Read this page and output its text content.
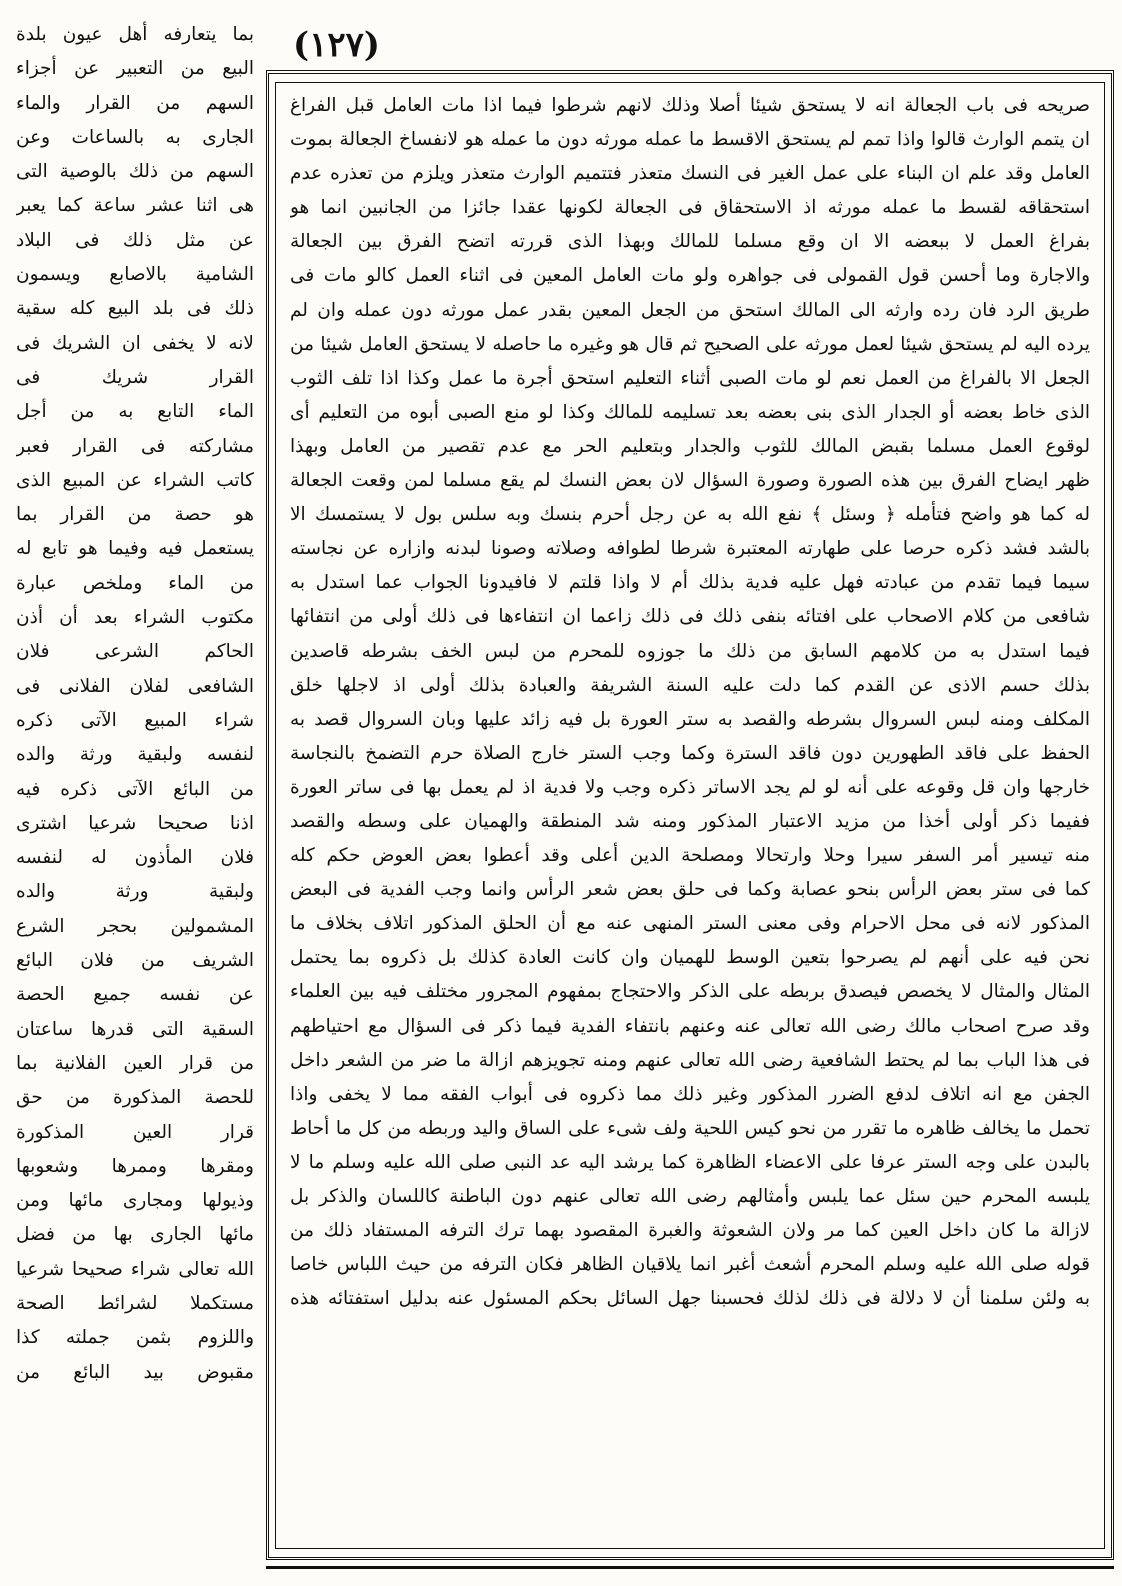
(١٢٧)
بما يتعارفه أهل عيون بلدة
البيع من التعبير عن أجزاء
السهم من القرار والماء
الجارى به بالساعات وعن
السهم من ذلك بالوصية التى
هى اثنا عشر ساعة كما يعبر
عن مثل ذلك فى البلاد
الشامية بالاصابع ويسمون
ذلك فى بلد البيع كله سقية
لانه لا يخفى ان الشريك فى
القرار شريك فى
الماء التابع به من أجل
مشاركته فى القرار فعبر
كاتب الشراء عن المبيع الذى
هو حصة من القرار بما
يستعمل فيه وفيما هو تابع له
من الماء وملخص عبارة
مكتوب الشراء بعد أن أذن
الحاكم الشرعى فلان
الشافعى لفلان الفلانى فى
شراء المبيع الآتى ذكره
لنفسه ولبقية ورثة والده
من البائع الآتى ذكره فيه
اذنا صحيحا شرعيا اشترى
فلان المأذون له لنفسه
ولبقية ورثة والده
المشمولين بحجر الشرع
الشريف من فلان البائع
عن نفسه جميع الحصة
السقية التى قدرها ساعتان
من قرار العين الفلانية بما
للحصة المذكورة من حق
قرار العين المذكورة
ومقرها وممرها وشعوبها
وذيولها ومجارى مائها ومن
مائها الجارى بها من فضل
الله تعالى شراء صحيحا شرعيا
مستكملا لشرائط الصحة
واللزوم بثمن جملته كذا
مقبوض بيد البائع من
صريحه فى باب الجعالة انه لا يستحق شيئا أصلا وذلك لانهم شرطوا فيما اذا مات العامل قبل الفراغ
ان يتمم الوارث قالوا واذا تمم لم يستحق الاقسط ما عمله مورثه دون ما عمله هو لانفساخ الجعالة بموت
العامل وقد علم ان البناء على عمل الغير فى النسك متعذر فتتميم الوارث متعذر ويلزم من تعذره عدم
استحقاقه لقسط ما عمله مورثه اذ الاستحقاق فى الجعالة لكونها عقدا جائزا من الجانبين انما هو
بفراغ العمل لا ببعضه الا ان وقع مسلما للمالك وبهذا الذى قررته اتضح الفرق بين الجعالة
والاجارة وما أحسن قول القمولى فى جواهره ولو مات العامل المعين فى اثناء العمل كالو مات فى
طريق الرد فان رده وارثه الى المالك استحق من الجعل المعين بقدر عمل مورثه دون عمله وان لم
يرده اليه لم يستحق شيئا لعمل مورثه على الصحيح ثم قال هو وغيره ما حاصله لا يستحق العامل شيئا من
الجعل الا بالفراغ من العمل نعم لو مات الصبى أثناء التعليم استحق أجرة ما عمل وكذا اذا تلف الثوب
الذى خاط بعضه أو الجدار الذى بنى بعضه بعد تسليمه للمالك وكذا لو منع الصبى أبوه من التعليم أى
لوقوع العمل مسلما بقبض المالك للثوب والجدار وبتعليم الحر مع عدم تقصير من العامل وبهذا
ظهر ايضاح الفرق بين هذه الصورة وصورة السؤال لان بعض النسك لم يقع مسلما لمن وقعت الجعالة
له كما هو واضح فتأمله ﴿ وسئل ﴾ نفع الله به عن رجل أحرم بنسك وبه سلس بول لا يستمسك الا
بالشد فشد ذكره حرصا على طهارته المعتبرة شرطا لطوافه وصلاته وصونا لبدنه وازاره عن نجاسته
سيما فيما تقدم من عبادته فهل عليه فدية بذلك أم لا واذا قلتم لا فافيدونا الجواب عما استدل به
شافعى من كلام الاصحاب على افتائه بنفى ذلك فى ذلك زاعما ان انتفاءها فى ذلك أولى من انتفائها
فيما استدل به من كلامهم السابق من ذلك ما جوزوه للمحرم من لبس الخف بشرطه قاصدين
بذلك حسم الاذى عن القدم كما دلت عليه السنة الشريفة والعبادة بذلك أولى اذ لاجلها خلق
المكلف ومنه لبس السروال بشرطه والقصد به ستر العورة بل فيه زائد عليها وبان السروال قصد به
الحفظ على فاقد الطهورين دون فاقد السترة وكما وجب الستر خارج الصلاة حرم التضمخ بالنجاسة
خارجها وان قل وقوعه على أنه لو لم يجد الاساتر ذكره وجب ولا فدية اذ لم يعمل بها فى ساتر العورة
ففيما ذكر أولى أخذا من مزيد الاعتبار المذكور ومنه شد المنطقة والهميان على وسطه والقصد
منه تيسير أمر السفر سيرا وحلا وارتحالا ومصلحة الدين أعلى وقد أعطوا بعض العوض حكم كله
كما فى ستر بعض الرأس بنحو عصابة وكما فى حلق بعض شعر الرأس وانما وجب الفدية فى البعض
المذكور لانه فى محل الاحرام وفى معنى الستر المنهى عنه مع أن الحلق المذكور اتلاف بخلاف ما
نحن فيه على أنهم لم يصرحوا بتعين الوسط للهميان وان كانت العادة كذلك بل ذكروه بما يحتمل
المثال والمثال لا يخصص فيصدق بربطه على الذكر والاحتجاج بمفهوم المجرور مختلف فيه بين العلماء
وقد صرح اصحاب مالك رضى الله تعالى عنه وعنهم بانتفاء الفدية فيما ذكر فى السؤال مع احتياطهم
فى هذا الباب بما لم يحتط الشافعية رضى الله تعالى عنهم ومنه تجويزهم ازالة ما ضر من الشعر داخل
الجفن مع انه اتلاف لدفع الضرر المذكور وغير ذلك مما ذكروه فى أبواب الفقه مما لا يخفى واذا
تحمل ما يخالف ظاهره ما تقرر من نحو كيس اللحية ولف شىء على الساق واليد وربطه من كل ما أحاط
بالبدن على وجه الستر عرفا على الاعضاء الظاهرة كما يرشد اليه عد النبى صلى الله عليه وسلم ما لا
يلبسه المحرم حين سئل عما يلبس وأمثالهم رضى الله تعالى عنهم دون الباطنة كاللسان والذكر بل
لازالة ما كان داخل العين كما مر ولان الشعوثة والغبرة المقصود بهما ترك الترفه المستفاد ذلك من
قوله صلى الله عليه وسلم المحرم أشعث أغبر انما يلاقيان الظاهر فكان الترفه من حيث اللباس خاصا
به ولئن سلمنا أن لا دلالة فى ذلك لذلك فحسبنا جهل السائل بحكم المسئول عنه بدليل استفتائه هذه
